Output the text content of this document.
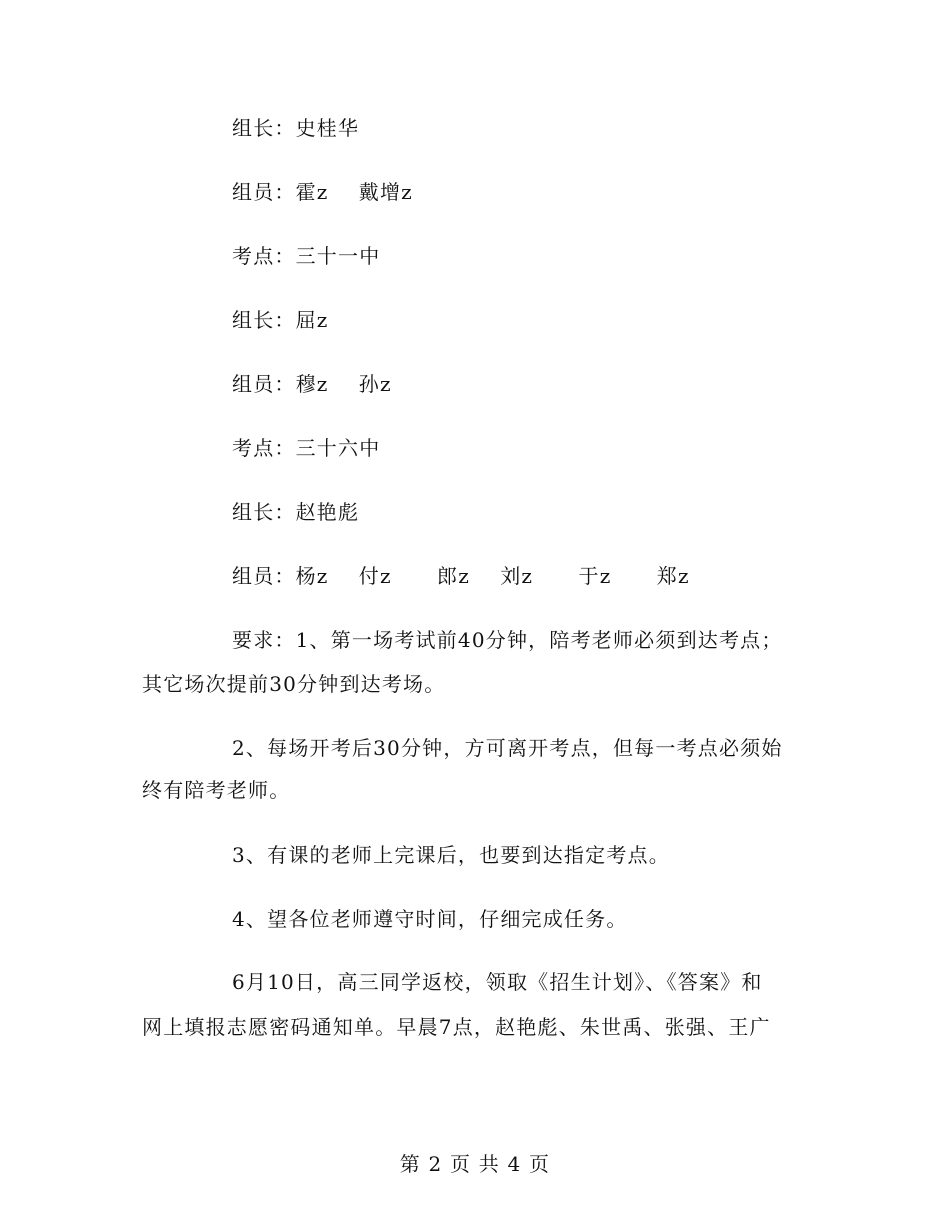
组长：史桂华
组员：霍z    戴增z
考点：三十一中
组长：屈z
组员：穆z    孙z
考点：三十六中
组长：赵艳彪
组员：杨z    付z      郎z    刘z      于z      郑z
要求：1、第一场考试前40分钟，陪考老师必须到达考点；
其它场次提前30分钟到达考场。
2、每场开考后30分钟，方可离开考点，但每一考点必须始
终有陪考老师。
3、有课的老师上完课后，也要到达指定考点。
4、望各位老师遵守时间，仔细完成任务。
6月10日，高三同学返校，领取《招生计划》、《答案》和
网上填报志愿密码通知单。早晨7点，赵艳彪、朱世禹、张强、王广
第 2 页 共 4 页
